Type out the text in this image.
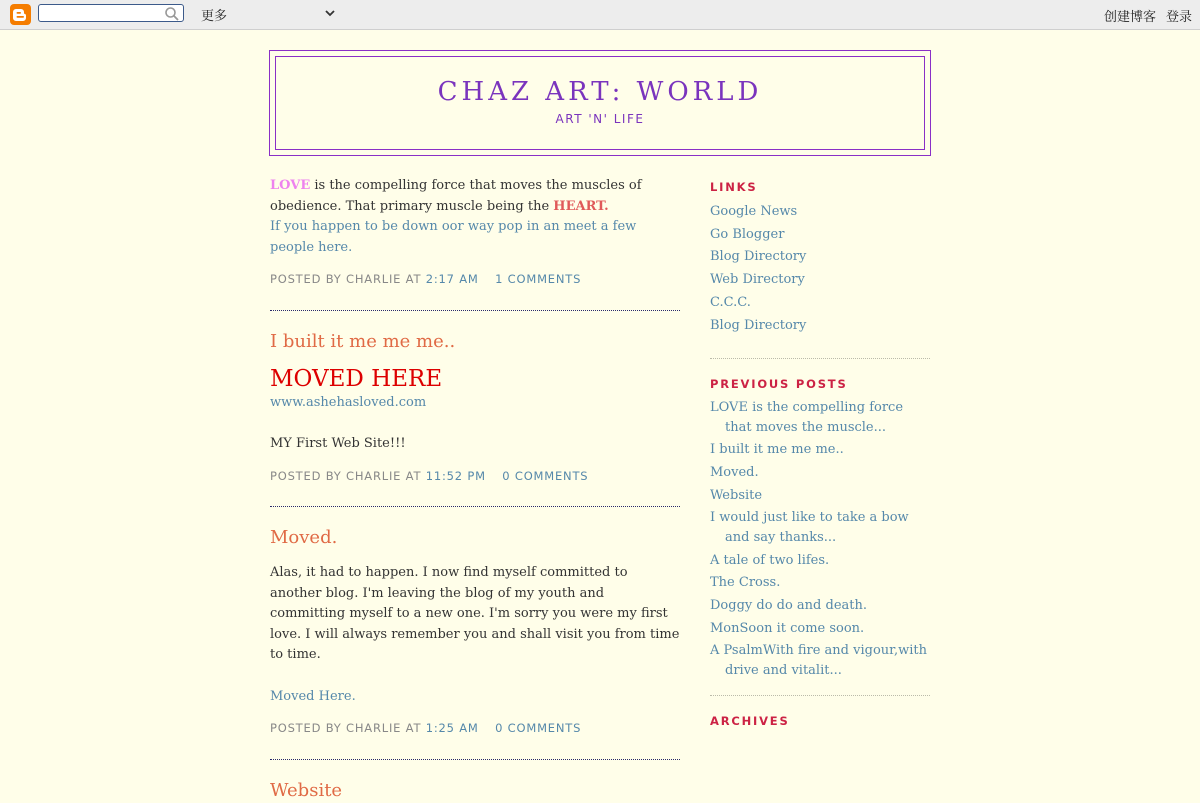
更多	创建博客 登录
CHAZ ART: WORLD
ART 'N' LIFE

LOVE is the compelling force that moves the muscles of obedience. That primary muscle being the HEART.

If you happen to be down oor way pop in an meet a few people here.

POSTED BY CHARLIE AT 2:17 AM 1 COMMENTS
I built it me me me..
MOVED HERE

www.ashehasloved.com

MY First Web Site!!!

POSTED BY CHARLIE AT 11:52 PM 0 COMMENTS
Moved.

Alas, it had to happen. I now find myself committed to another blog. I'm leaving the blog of my youth and committing myself to a new one. I'm sorry you were my first love. I will always remember you and shall visit you from time to time.

Moved Here.

POSTED BY CHARLIE AT 1:25 AM 0 COMMENTS
Website
LINKS
Google News
Go Blogger
Blog Directory
Web Directory
C.C.C.
Blog Directory
PREVIOUS POSTS
LOVE is the compelling force that moves the muscle...
I built it me me me..
Moved.
Website
I would just like to take a bow and say thanks...
A tale of two lifes.
The Cross.
Doggy do do and death.
MonSoon it come soon.
A PsalmWith fire and vigour,with drive and vitalit...
ARCHIVES
